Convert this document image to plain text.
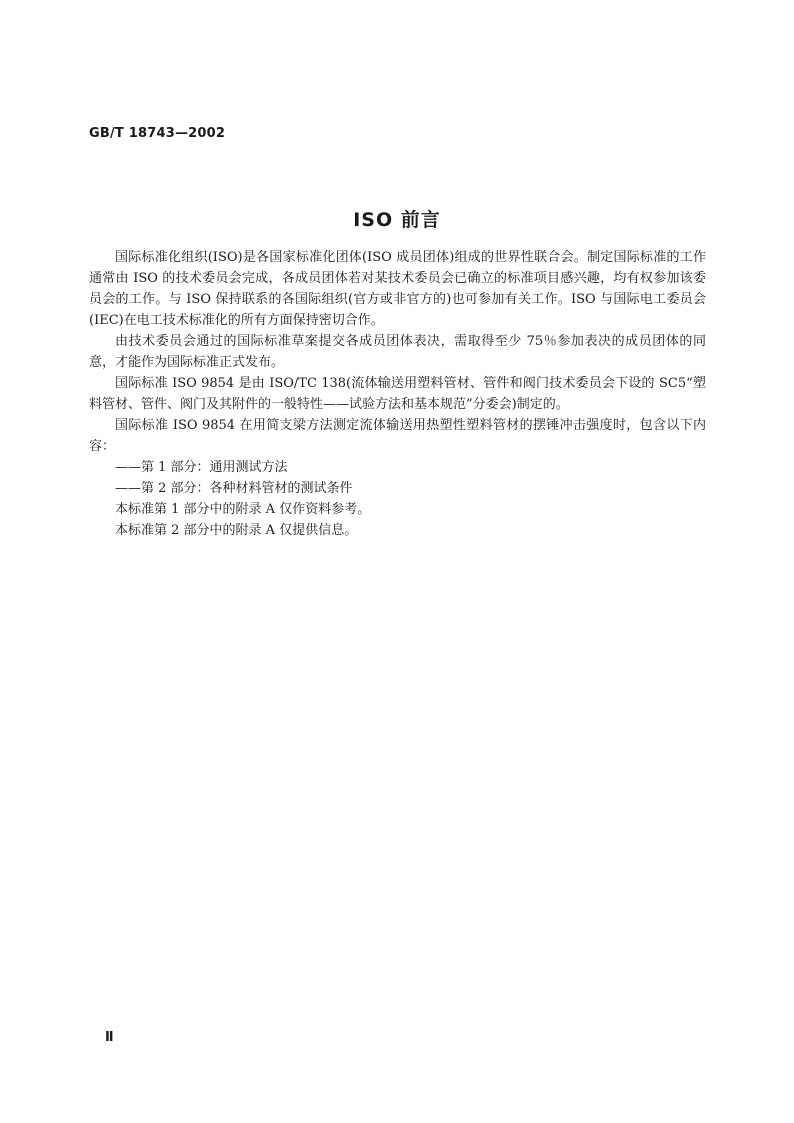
GB/T 18743—2002
ISO 前言

国际标准化组织(ISO)是各国家标准化团体(ISO 成员团体)组成的世界性联合会。制定国际标准的工作通常由 ISO 的技术委员会完成，各成员团体若对某技术委员会已确立的标准项目感兴趣，均有权参加该委员会的工作。与 ISO 保持联系的各国际组织(官方或非官方的)也可参加有关工作。ISO 与国际电工委员会(IEC)在电工技术标准化的所有方面保持密切合作。

由技术委员会通过的国际标准草案提交各成员团体表决，需取得至少 75％参加表决的成员团体的同意，才能作为国际标准正式发布。

国际标准 ISO 9854 是由 ISO/TC 138(流体输送用塑料管材、管件和阀门技术委员会下设的 SC5“塑料管材、管件、阀门及其附件的一般特性——试验方法和基本规范”分委会)制定的。

国际标准 ISO 9854 在用简支梁方法测定流体输送用热塑性塑料管材的摆锤冲击强度时，包含以下内容：

——第 1 部分：通用测试方法

——第 2 部分：各种材料管材的测试条件

本标准第 1 部分中的附录 A 仅作资料参考。

本标准第 2 部分中的附录 A 仅提供信息。

Ⅱ
